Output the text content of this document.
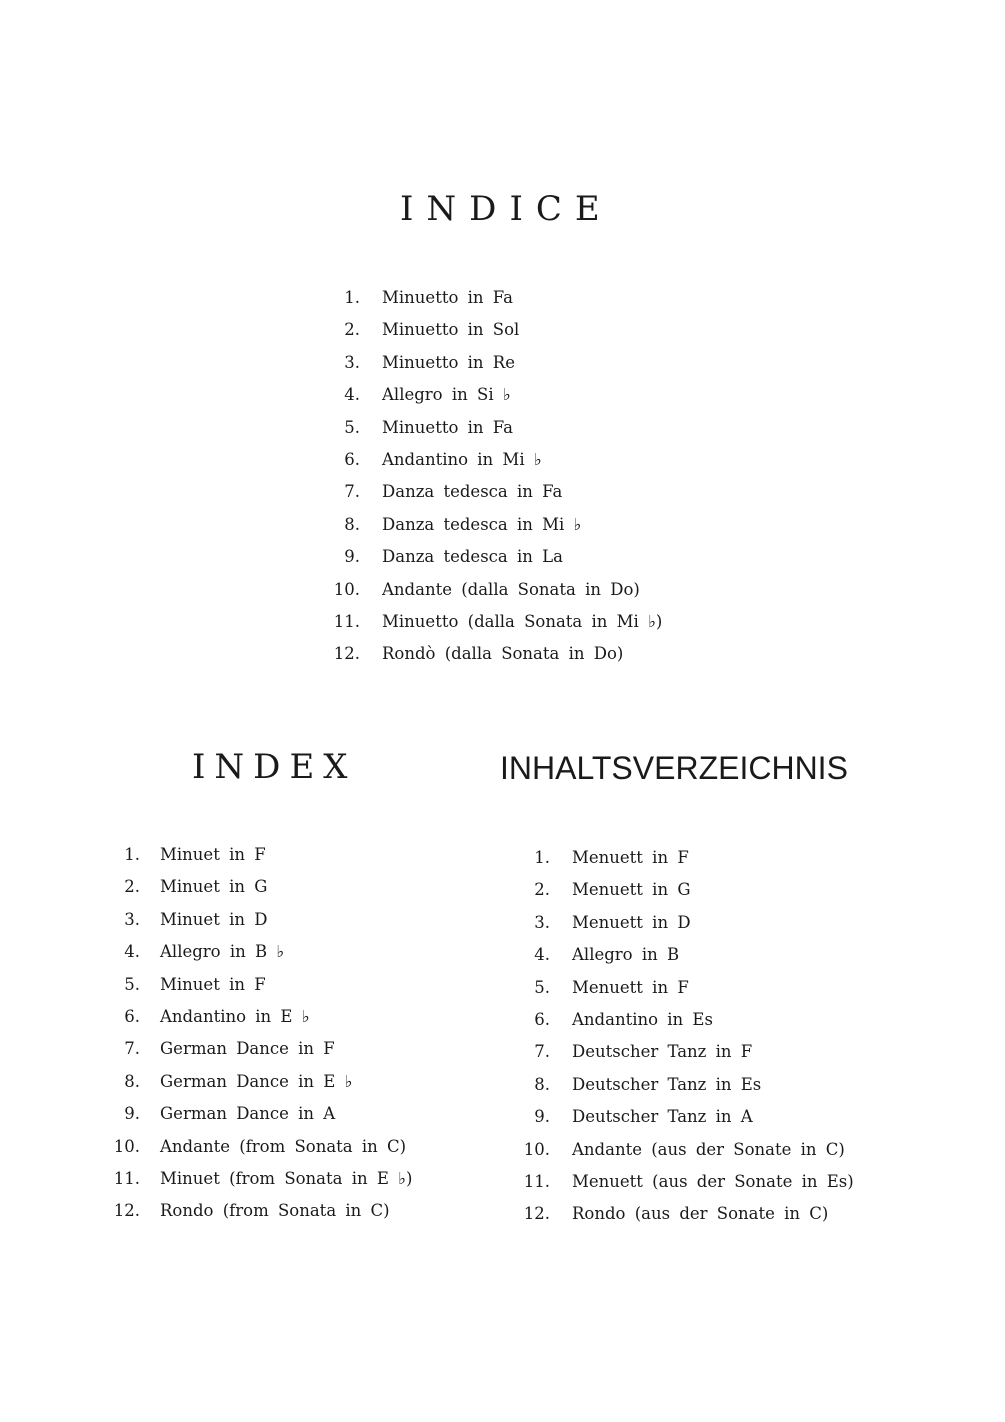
INDICE
1. Minuetto in Fa
2. Minuetto in Sol
3. Minuetto in Re
4. Allegro in Si ♭
5. Minuetto in Fa
6. Andantino in Mi ♭
7. Danza tedesca in Fa
8. Danza tedesca in Mi ♭
9. Danza tedesca in La
10. Andante (dalla Sonata in Do)
11. Minuetto (dalla Sonata in Mi ♭)
12. Rondò (dalla Sonata in Do)
INDEX
1. Minuet in F
2. Minuet in G
3. Minuet in D
4. Allegro in B ♭
5. Minuet in F
6. Andantino in E ♭
7. German Dance in F
8. German Dance in E ♭
9. German Dance in A
10. Andante (from Sonata in C)
11. Minuet (from Sonata in E ♭)
12. Rondo (from Sonata in C)
INHALTSVERZEICHNIS
1. Menuett in F
2. Menuett in G
3. Menuett in D
4. Allegro in B
5. Menuett in F
6. Andantino in Es
7. Deutscher Tanz in F
8. Deutscher Tanz in Es
9. Deutscher Tanz in A
10. Andante (aus der Sonate in C)
11. Menuett (aus der Sonate in Es)
12. Rondo (aus der Sonate in C)
